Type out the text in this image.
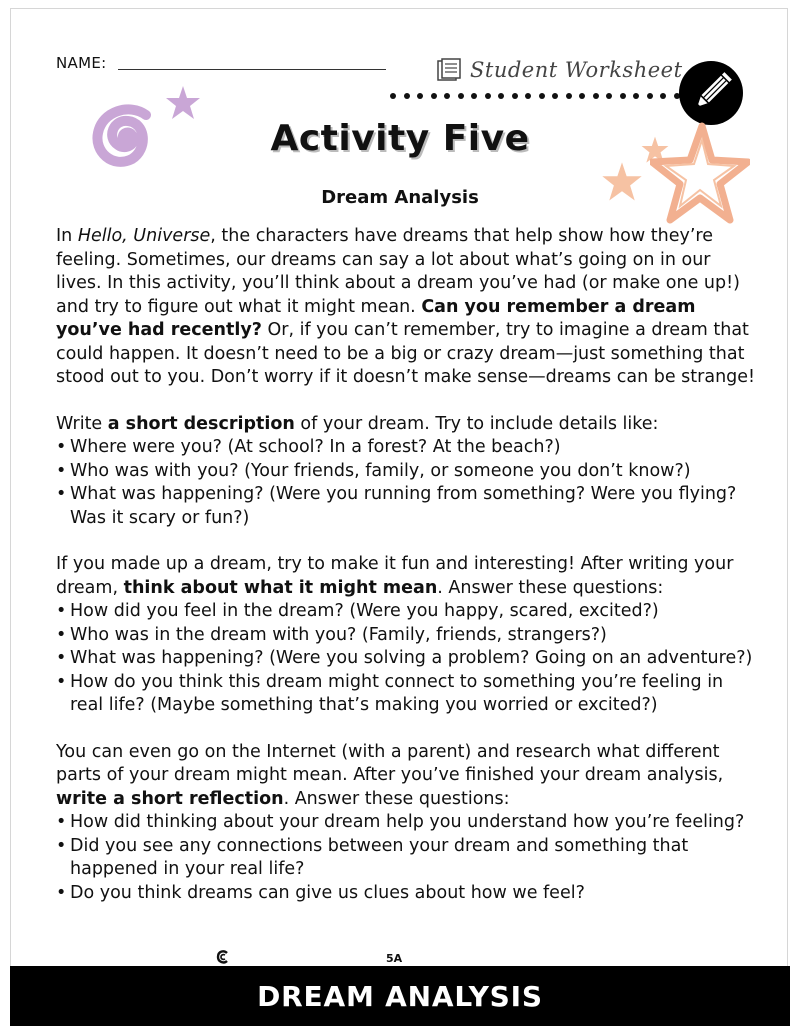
NAME:	Student Worksheet
Activity Five
Dream Analysis

In Hello, Universe, the characters have dreams that help show how they’re feeling. Sometimes, our dreams can say a lot about what’s going on in our lives. In this activity, you’ll think about a dream you’ve had (or make one up!) and try to figure out what it might mean. Can you remember a dream you’ve had recently? Or, if you can’t remember, try to imagine a dream that could happen. It doesn’t need to be a big or crazy dream—just something that stood out to you. Don’t worry if it doesn’t make sense—dreams can be strange!

Write a short description of your dream. Try to include details like:

• Where were you? (At school? In a forest? At the beach?)
• Who was with you? (Your friends, family, or someone you don’t know?)
• What was happening? (Were you running from something? Were you flying? Was it scary or fun?)

If you made up a dream, try to make it fun and interesting! After writing your dream, think about what it might mean. Answer these questions:

• How did you feel in the dream? (Were you happy, scared, excited?)
• Who was in the dream with you? (Family, friends, strangers?)
• What was happening? (Were you solving a problem? Going on an adventure?)
• How do you think this dream might connect to something you’re feeling in real life? (Maybe something that’s making you worried or excited?)

You can even go on the Internet (with a parent) and research what different parts of your dream might mean. After you’ve finished your dream analysis, write a short reflection. Answer these questions:

• How did thinking about your dream help you understand how you’re feeling?
• Did you see any connections between your dream and something that happened in your real life?
• Do you think dreams can give us clues about how we feel?
5A
DREAM ANALYSIS
